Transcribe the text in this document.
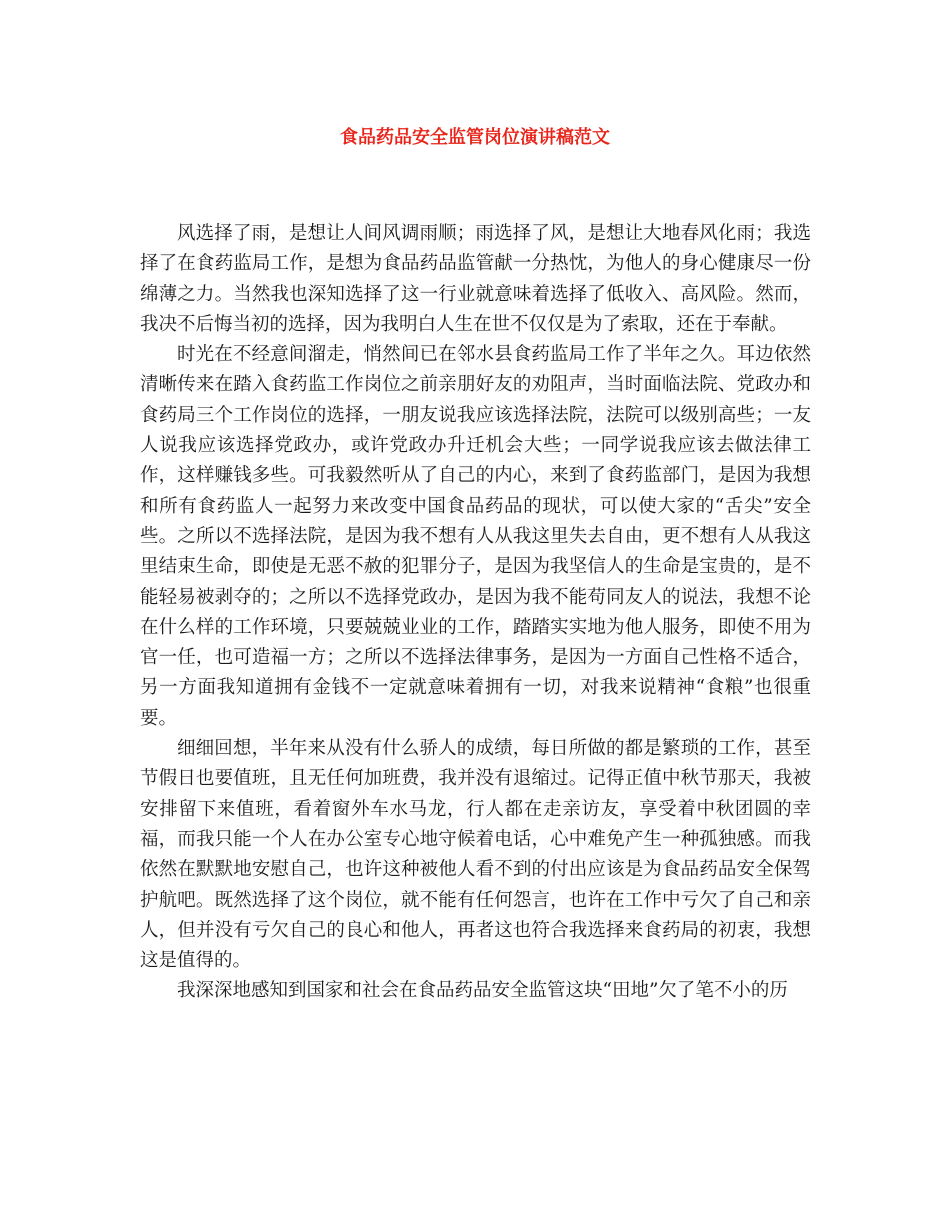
食品药品安全监管岗位演讲稿范文

风选择了雨，是想让人间风调雨顺；雨选择了风，是想让大地春风化雨；我选择了在食药监局工作，是想为食品药品监管献一分热忱，为他人的身心健康尽一份绵薄之力。当然我也深知选择了这一行业就意味着选择了低收入、高风险。然而，我决不后悔当初的选择，因为我明白人生在世不仅仅是为了索取，还在于奉献。

时光在不经意间溜走，悄然间已在邻水县食药监局工作了半年之久。耳边依然清晰传来在踏入食药监工作岗位之前亲朋好友的劝阻声，当时面临法院、党政办和食药局三个工作岗位的选择，一朋友说我应该选择法院，法院可以级别高些；一友人说我应该选择党政办，或许党政办升迁机会大些；一同学说我应该去做法律工作，这样赚钱多些。可我毅然听从了自己的内心，来到了食药监部门，是因为我想和所有食药监人一起努力来改变中国食品药品的现状，可以使大家的“舌尖”安全些。之所以不选择法院，是因为我不想有人从我这里失去自由，更不想有人从我这里结束生命，即使是无恶不赦的犯罪分子，是因为我坚信人的生命是宝贵的，是不能轻易被剥夺的；之所以不选择党政办，是因为我不能苟同友人的说法，我想不论在什么样的工作环境，只要兢兢业业的工作，踏踏实实地为他人服务，即使不用为官一任，也可造福一方；之所以不选择法律事务，是因为一方面自己性格不适合，另一方面我知道拥有金钱不一定就意味着拥有一切，对我来说精神“食粮”也很重要。

细细回想，半年来从没有什么骄人的成绩，每日所做的都是繁琐的工作，甚至节假日也要值班，且无任何加班费，我并没有退缩过。记得正值中秋节那天，我被安排留下来值班，看着窗外车水马龙，行人都在走亲访友，享受着中秋团圆的幸福，而我只能一个人在办公室专心地守候着电话，心中难免产生一种孤独感。而我依然在默默地安慰自己，也许这种被他人看不到的付出应该是为食品药品安全保驾护航吧。既然选择了这个岗位，就不能有任何怨言，也许在工作中亏欠了自己和亲人，但并没有亏欠自己的良心和他人，再者这也符合我选择来食药局的初衷，我想这是值得的。

我深深地感知到国家和社会在食品药品安全监管这块“田地”欠了笔不小的历
